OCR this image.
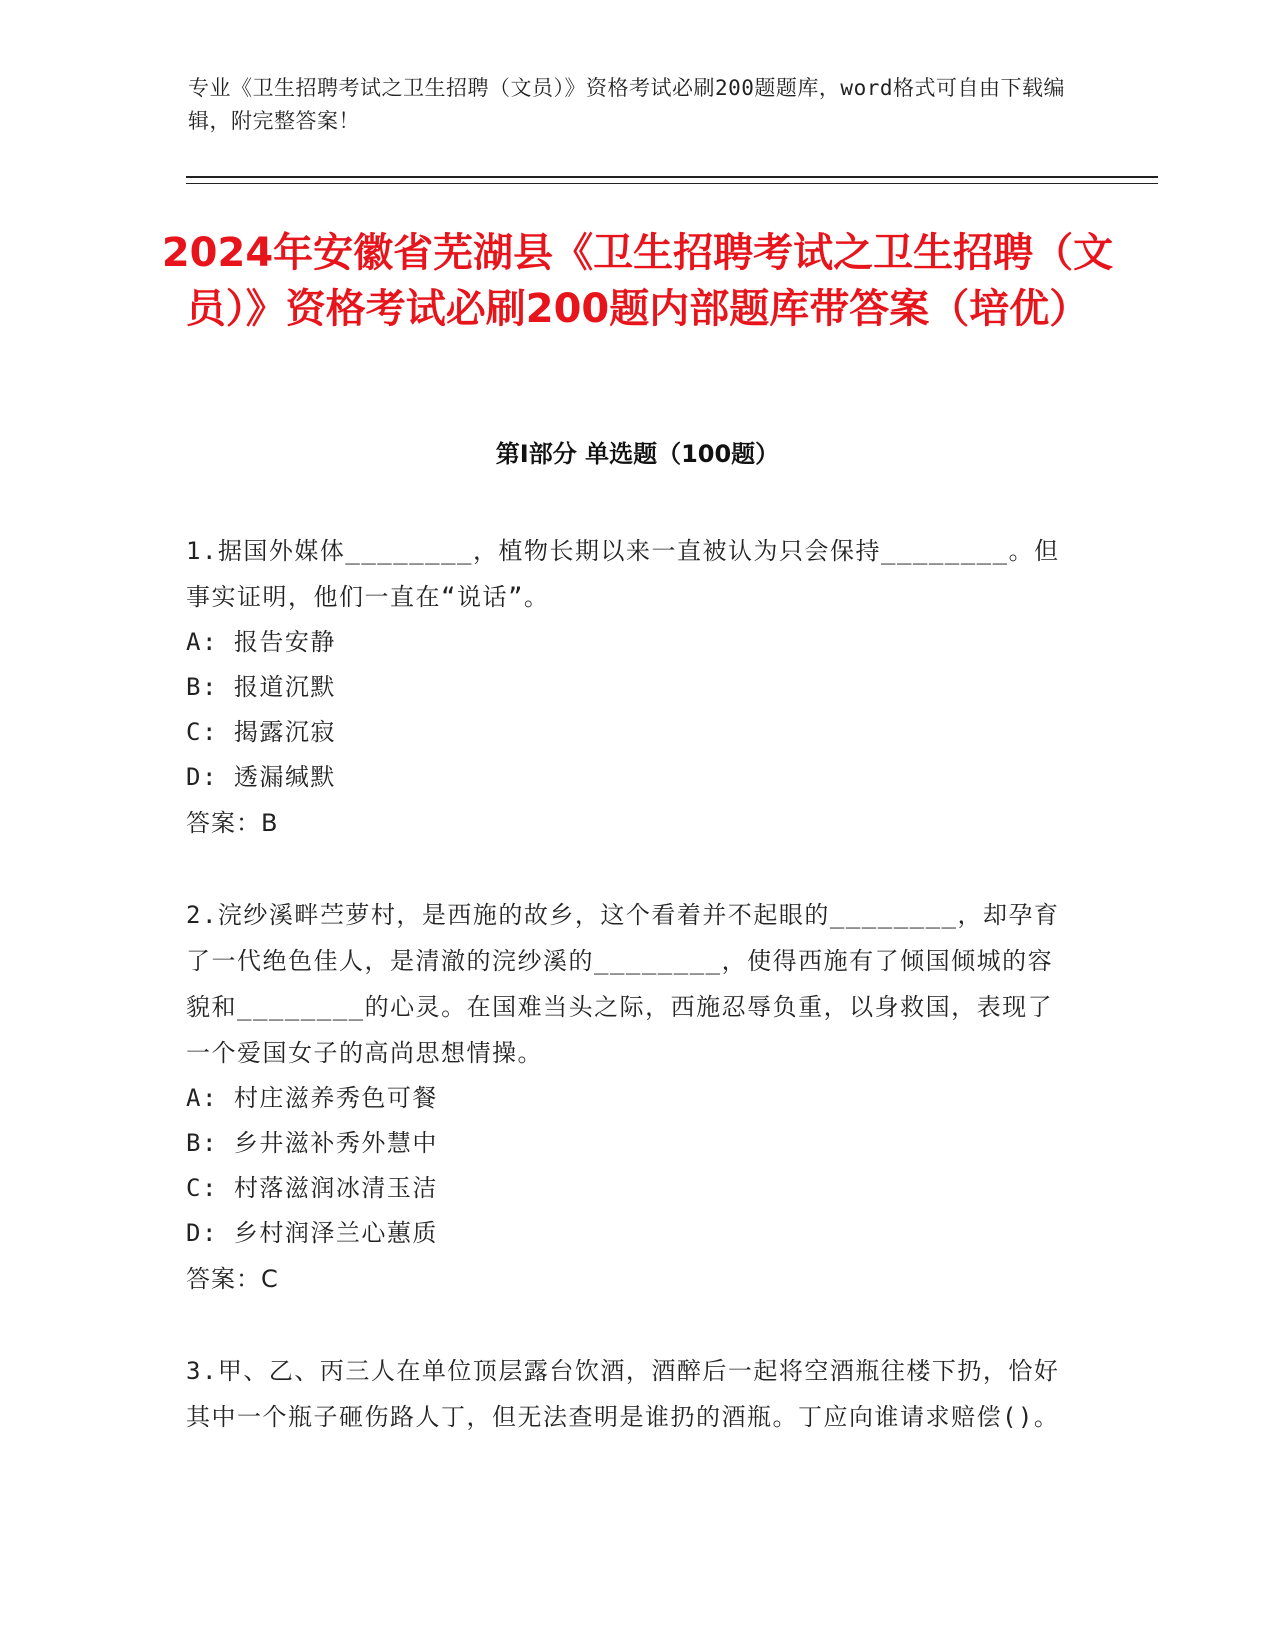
专业《卫生招聘考试之卫生招聘（文员）》资格考试必刷200题题库，word格式可自由下载编辑，附完整答案！
2024年安徽省芜湖县《卫生招聘考试之卫生招聘（文员）》资格考试必刷200题内部题库带答案（培优）
第Ⅰ部分 单选题（100题）
1.据国外媒体________，植物长期以来一直被认为只会保持________。但事实证明，他们一直在“说话”。
A: 报告安静
B: 报道沉默
C: 揭露沉寂
D: 透漏缄默
答案：B
2.浣纱溪畔苎萝村，是西施的故乡，这个看着并不起眼的________，却孕育了一代绝色佳人，是清澈的浣纱溪的________，使得西施有了倾国倾城的容貌和________的心灵。在国难当头之际，西施忍辱负重，以身救国，表现了一个爱国女子的高尚思想情操。
A: 村庄滋养秀色可餐
B: 乡井滋补秀外慧中
C: 村落滋润冰清玉洁
D: 乡村润泽兰心蕙质
答案：C
3.甲、乙、丙三人在单位顶层露台饮酒，酒醉后一起将空酒瓶往楼下扔，恰好其中一个瓶子砸伤路人丁，但无法查明是谁扔的酒瓶。丁应向谁请求赔偿()。
